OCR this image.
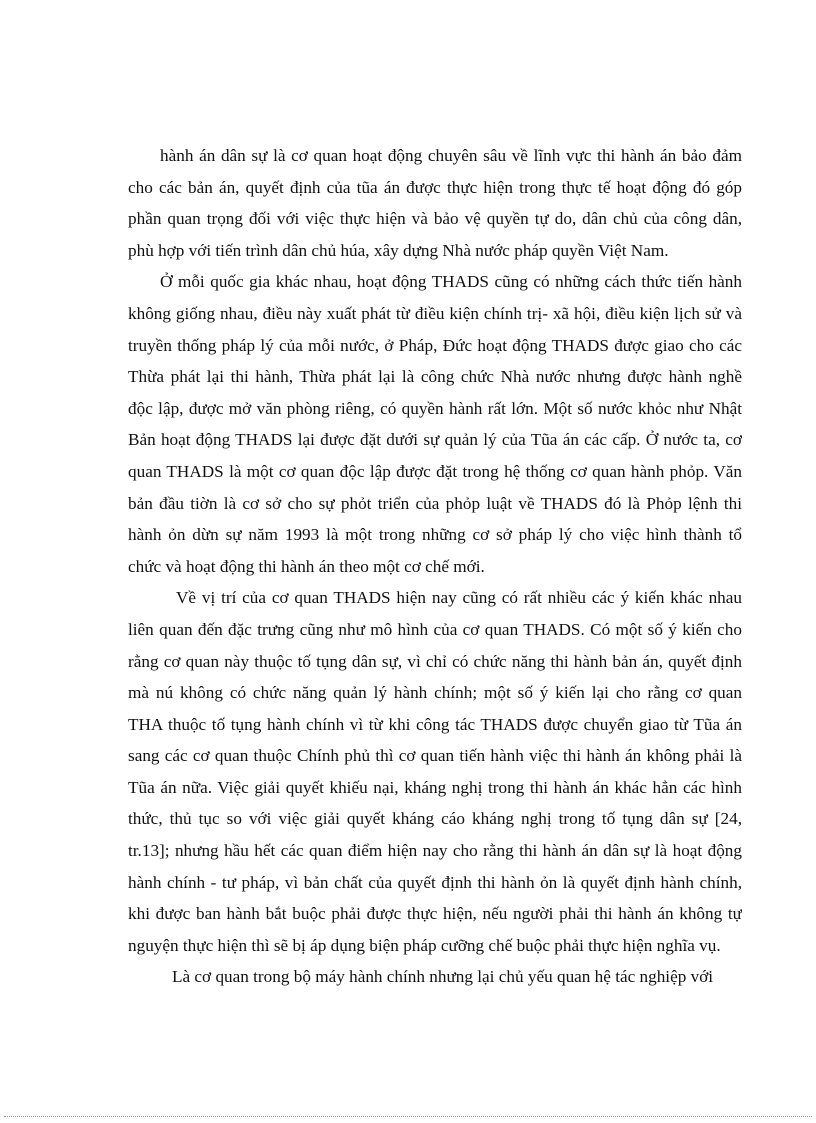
hành án dân sự là cơ quan hoạt động chuyên sâu về lĩnh vực thi hành án bảo đảm

cho các bản án, quyết định của tũa án được thực hiện trong thực tế hoạt động đó góp

phần quan trọng đối với việc thực hiện và bảo vệ quyền tự do, dân chủ của công dân,

phù hợp với tiến trình dân chủ húa, xây dựng Nhà nước pháp quyền Việt Nam.

Ở mỗi quốc gia khác nhau, hoạt động THADS cũng có những cách thức tiến hành

không giống nhau, điều này xuất phát từ điều kiện chính trị- xã hội, điều kiện lịch sử và

truyền thống pháp lý của mỗi nước, ở Pháp, Đức hoạt động THADS được giao cho các

Thừa phát lại thi hành, Thừa phát lại là công chức Nhà nước nhưng được hành nghề

độc lập, được mở văn phòng riêng, có quyền hành rất lớn. Một số nước khỏc như Nhật

Bản hoạt động THADS lại được đặt dưới sự quản lý của Tũa án các cấp. Ở nước ta, cơ

quan THADS là một cơ quan độc lập được đặt trong hệ thống cơ quan hành phỏp. Văn

bản đầu tiờn là cơ sở cho sự phỏt triển của phỏp luật về THADS đó là Phỏp lệnh thi

hành ỏn dừn sự năm 1993 là một trong những cơ sở pháp lý cho việc hình thành tổ

chức và hoạt động thi hành án theo một cơ chế mới.

Về vị trí của cơ quan THADS hiện nay cũng có rất nhiều các ý kiến khác nhau

liên quan đến đặc trưng cũng như mô hình của cơ quan THADS. Có một số ý kiến cho

rằng cơ quan này thuộc tố tụng dân sự, vì chỉ có chức năng thi hành bản án, quyết định

mà nú không có chức năng quản lý hành chính; một số ý kiến lại cho rằng cơ quan

THA thuộc tố tụng hành chính vì từ khi công tác THADS được chuyển giao từ Tũa án

sang các cơ quan thuộc Chính phủ thì cơ quan tiến hành việc thi hành án không phải là

Tũa án nữa. Việc giải quyết khiếu nại, kháng nghị trong thi hành án khác hẳn các hình

thức, thủ tục so với việc giải quyết kháng cáo kháng nghị trong tố tụng dân sự [24,

tr.13]; nhưng hầu hết các quan điểm hiện nay cho rằng thi hành án dân sự là hoạt động

hành chính - tư pháp, vì bản chất của quyết định thi hành ỏn là quyết định hành chính,

khi được ban hành bắt buộc phải được thực hiện, nếu người phải thi hành án không tự

nguyện thực hiện thì sẽ bị áp dụng biện pháp cưỡng chế buộc phải thực hiện nghĩa vụ.

Là cơ quan trong bộ máy hành chính nhưng lại chủ yếu quan hệ tác nghiệp với
